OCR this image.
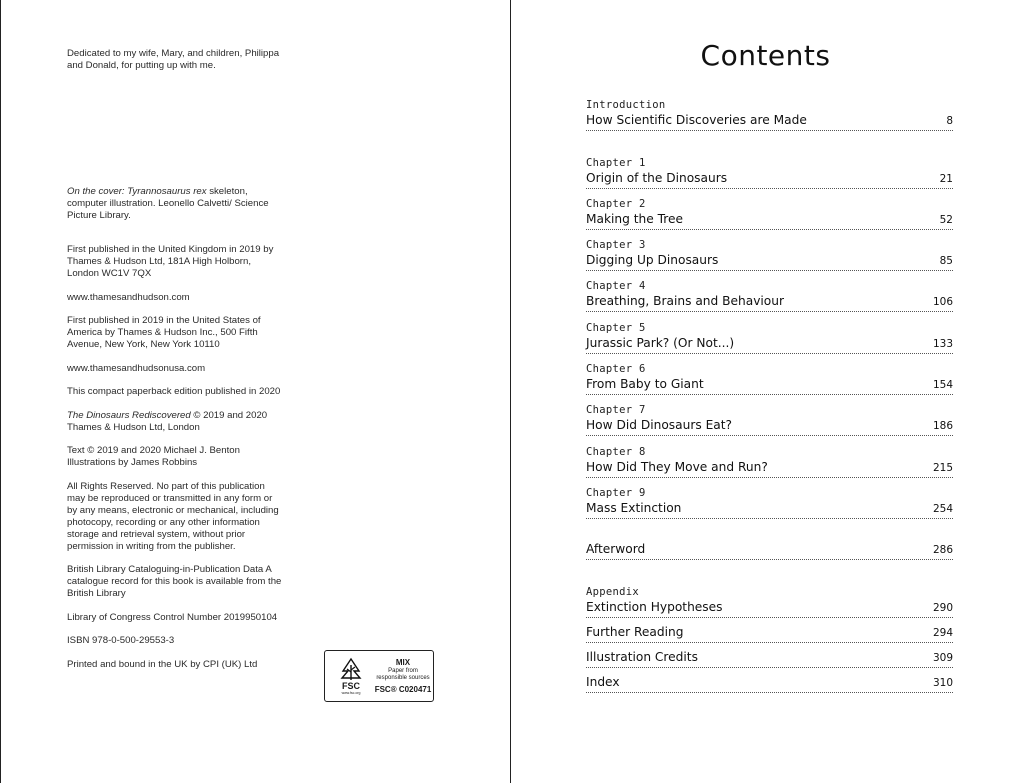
Dedicated to my wife, Mary, and children, Philippa and Donald, for putting up with me.

On the cover: Tyrannosaurus rex skeleton, computer illustration. Leonello Calvetti/ Science Picture Library.

First published in the United Kingdom in 2019 by Thames & Hudson Ltd, 181A High Holborn, London WC1V 7QX

www.thamesandhudson.com

First published in 2019 in the United States of America by Thames & Hudson Inc., 500 Fifth Avenue, New York, New York 10110

www.thamesandhudsonusa.com

This compact paperback edition published in 2020

The Dinosaurs Rediscovered © 2019 and 2020 Thames & Hudson Ltd, London

Text © 2019 and 2020 Michael J. Benton Illustrations by James Robbins

All Rights Reserved. No part of this publication may be reproduced or transmitted in any form or by any means, electronic or mechanical, including photocopy, recording or any other information storage and retrieval system, without prior permission in writing from the publisher.

British Library Cataloguing-in-Publication Data A catalogue record for this book is available from the British Library

Library of Congress Control Number 2019950104

ISBN 978-0-500-29553-3

Printed and bound in the UK by CPI (UK) Ltd

FSC
www.fsc.org
MIX
Paper from responsible sources
FSC® C020471
Contents
Introduction
How Scientific Discoveries are Made	8
Chapter 1
Origin of the Dinosaurs	21
Chapter 2
Making the Tree	52
Chapter 3
Digging Up Dinosaurs	85
Chapter 4
Breathing, Brains and Behaviour	106
Chapter 5
Jurassic Park? (Or Not...)	133
Chapter 6
From Baby to Giant	154
Chapter 7
How Did Dinosaurs Eat?	186
Chapter 8
How Did They Move and Run?	215
Chapter 9
Mass Extinction	254

Afterword	286
Appendix
Extinction Hypotheses	290

Further Reading	294

Illustration Credits	309

Index	310
